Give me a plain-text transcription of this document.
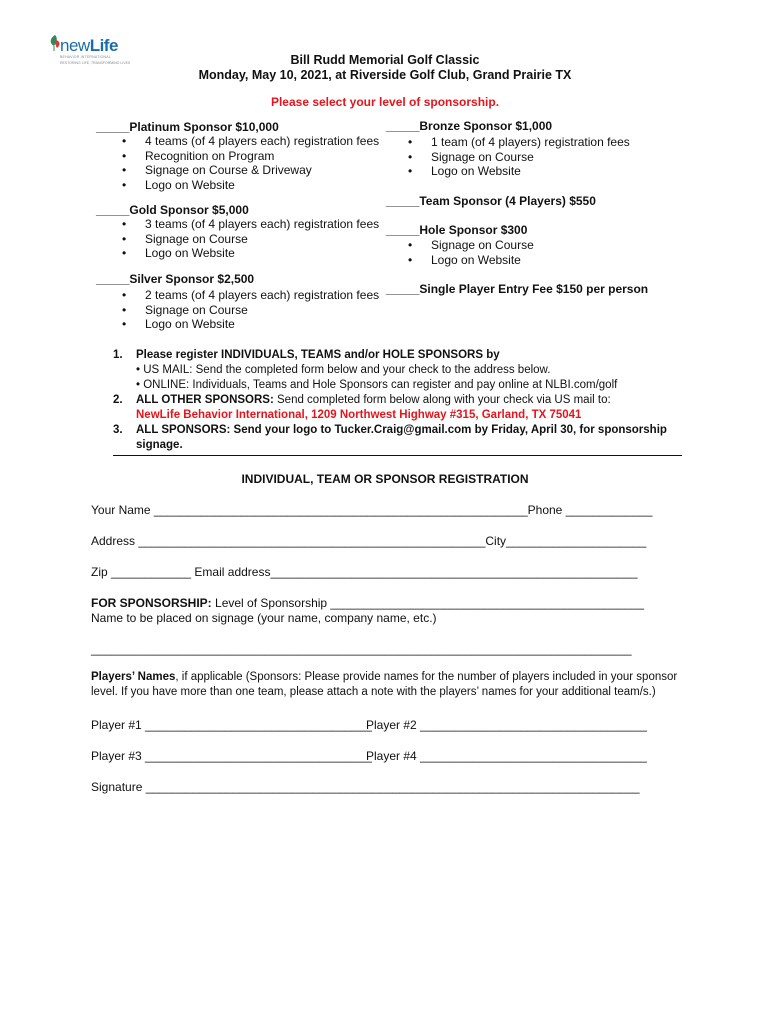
newLife
BEHAVIOR INTERNATIONAL
RESTORING LIFE, TRANSFORMING LIVES	Bill Rudd Memorial Golf Classic
Monday, May 10, 2021, at Riverside Golf Club, Grand Prairie TX
Please select your level of sponsorship.
_____Platinum Sponsor $10,000
• 4 teams (of 4 players each) registration fees
• Recognition on Program
• Signage on Course & Driveway
• Logo on Website
_____Gold Sponsor $5,000
• 3 teams (of 4 players each) registration fees
• Signage on Course
• Logo on Website
_____Silver Sponsor $2,500
• 2 teams (of 4 players each) registration fees
• Signage on Course
• Logo on Website
_____Bronze Sponsor $1,000
• 1 team (of 4 players) registration fees
• Signage on Course
• Logo on Website
_____Team Sponsor (4 Players) $550
_____Hole Sponsor $300
• Signage on Course
• Logo on Website
_____Single Player Entry Fee $150 per person
1. Please register INDIVIDUALS, TEAMS and/or HOLE SPONSORS by
• US MAIL: Send the completed form below and your check to the address below.
• ONLINE: Individuals, Teams and Hole Sponsors can register and pay online at NLBI.com/golf
2. ALL OTHER SPONSORS: Send completed form below along with your check via US mail to:
NewLife Behavior International, 1209 Northwest Highway #315, Garland, TX 75041
3. ALL SPONSORS: Send your logo to Tucker.Craig@gmail.com by Friday, April 30, for sponsorship
signage.
INDIVIDUAL, TEAM OR SPONSOR REGISTRATION
Your Name ________________________________________________________Phone _____________
Address ____________________________________________________City_____________________
Zip ____________ Email address_______________________________________________________
FOR SPONSORSHIP: Level of Sponsorship _______________________________________________
Name to be placed on signage (your name, company name, etc.)
_________________________________________________________________________________
Players’ Names, if applicable (Sponsors: Please provide names for the number of players included in your sponsor
level. If you have more than one team, please attach a note with the players’ names for your additional team/s.)
Player #1 __________________________________
Player #2 __________________________________
Player #3 __________________________________
Player #4 __________________________________
Signature __________________________________________________________________________
